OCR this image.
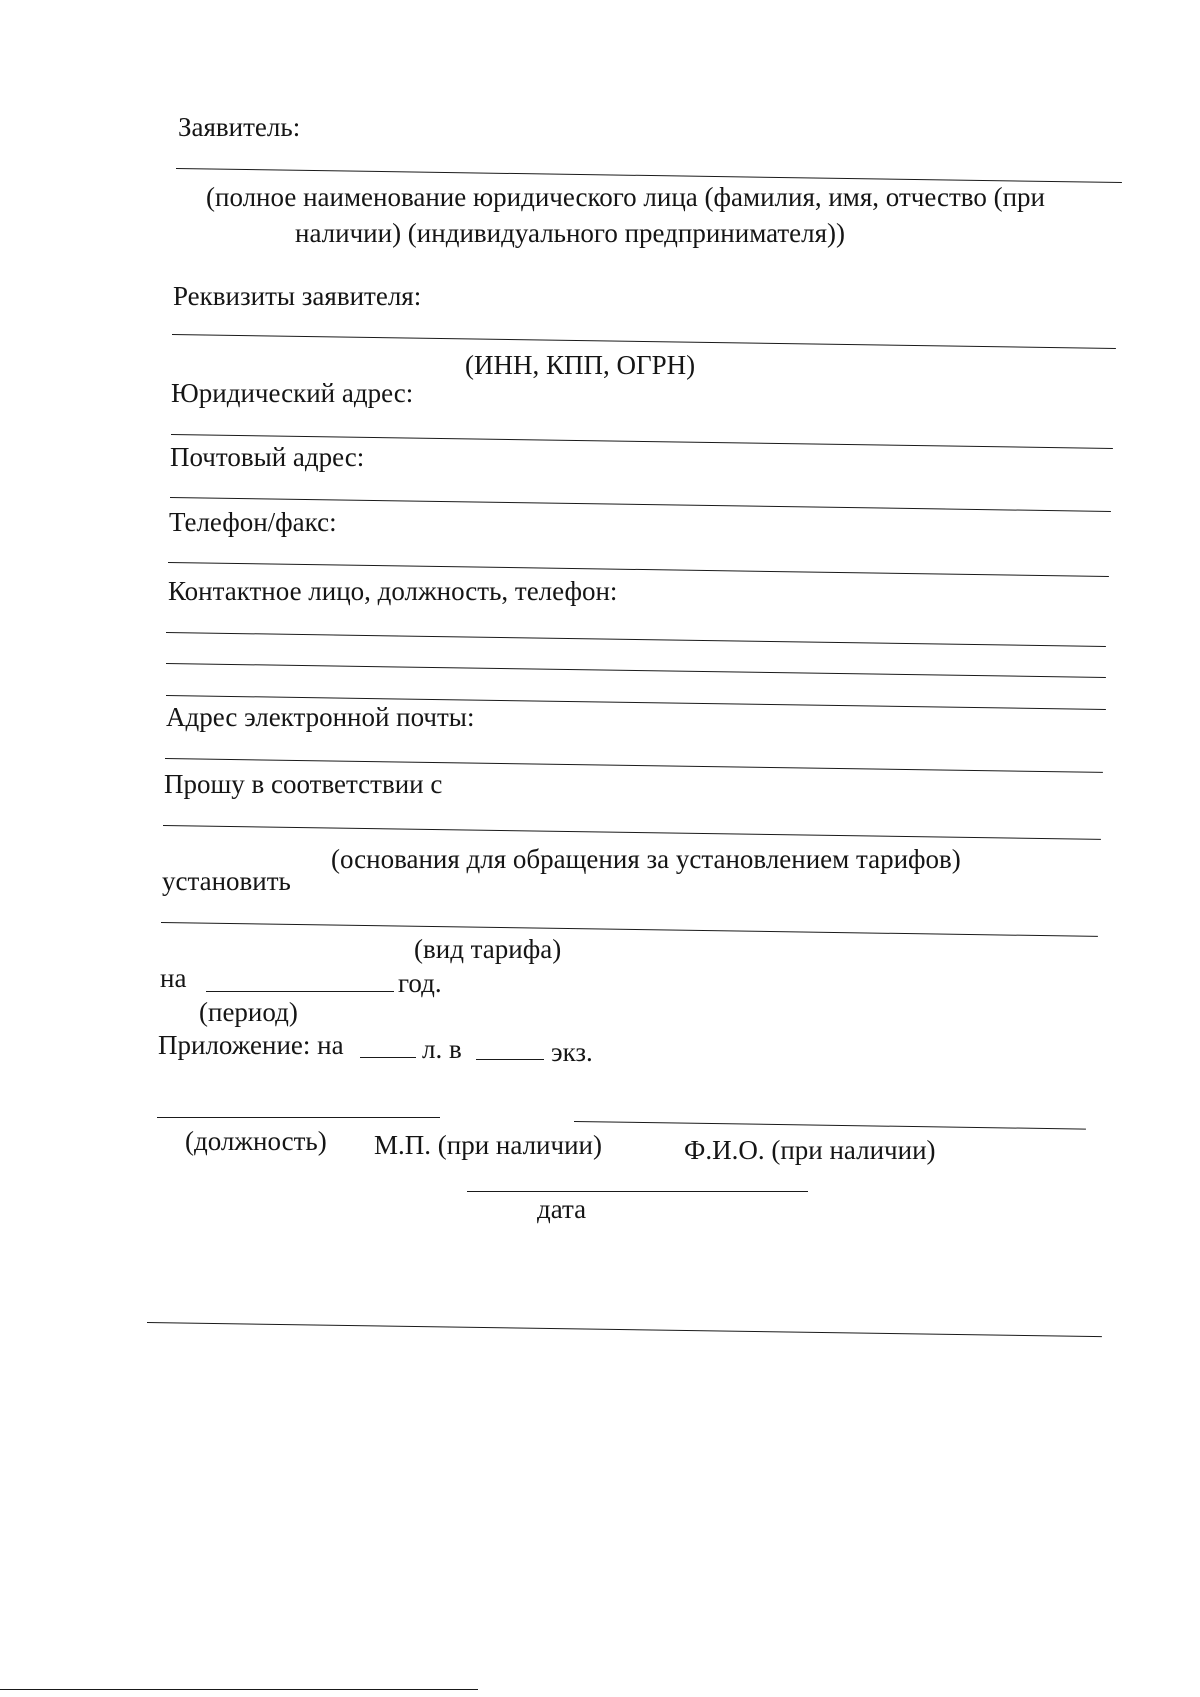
Заявитель:
(полное наименование юридического лица (фамилия, имя, отчество (при
наличии) (индивидуального предпринимателя))
Реквизиты заявителя:
(ИНН, КПП, ОГРН)
Юридический адрес:
Почтовый адрес:
Телефон/факс:
Контактное лицо, должность, телефон:
Адрес электронной почты:
Прошу в соответствии с
(основания для обращения за установлением тарифов)
установить
(вид тарифа)
на	год.
(период)
Приложение: на	л. в	экз.
(должность) М.П. (при наличии)	Ф.И.О. (при наличии)
дата
